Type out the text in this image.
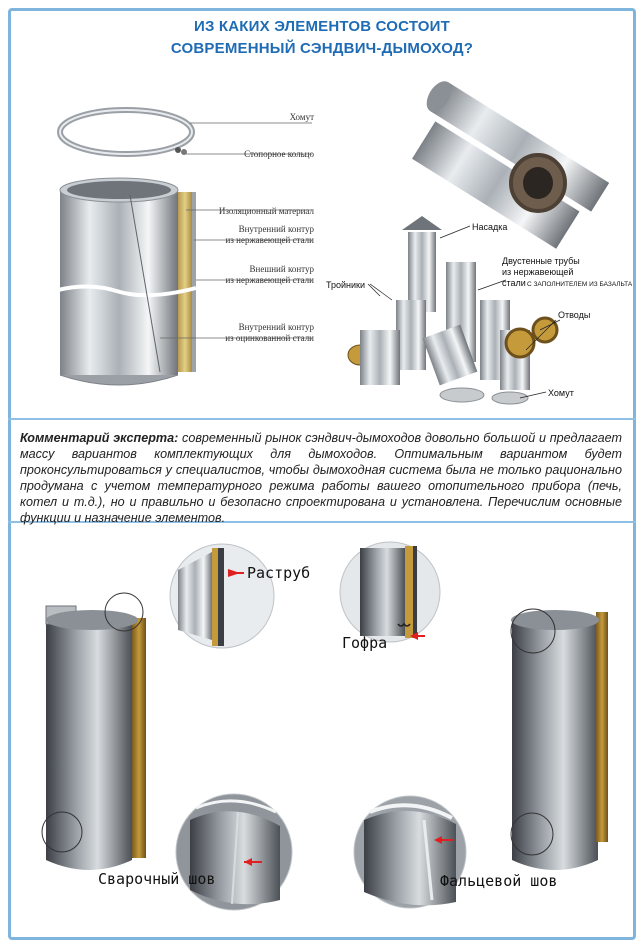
ИЗ КАКИХ ЭЛЕМЕНТОВ СОСТОИТ
СОВРЕМЕННЫЙ СЭНДВИЧ-ДЫМОХОД?
Комментарий эксперта: современный рынок сэндвич-дымоходов довольно большой и предлагает массу вариантов комплектующих для дымоходов. Оптимальным вариантом будет проконсультироваться у специалистов, чтобы дымоходная система была не только рационально продумана с учетом температурного режима работы вашего отопительного прибора (печь, котел и т.д.), но и правильно и безопасно спроектирована и установлена. Перечислим основные функции и назначение элементов.
Хомут
Стопорное кольцо
Изоляционный материал
Внутренний контур
из нержавеющей стали
Внешний контур
из нержавеющей стали
Внутренний контур
из оцинкованной стали
Насадка
Тройники
Двустенные трубы
из нержавеющей
стали С ЗАПОЛНИТЕЛЕМ ИЗ БАЗАЛЬТА
Отводы
Хомут
Раструб
Гофра
Сварочный шов	Фальцевой шов
